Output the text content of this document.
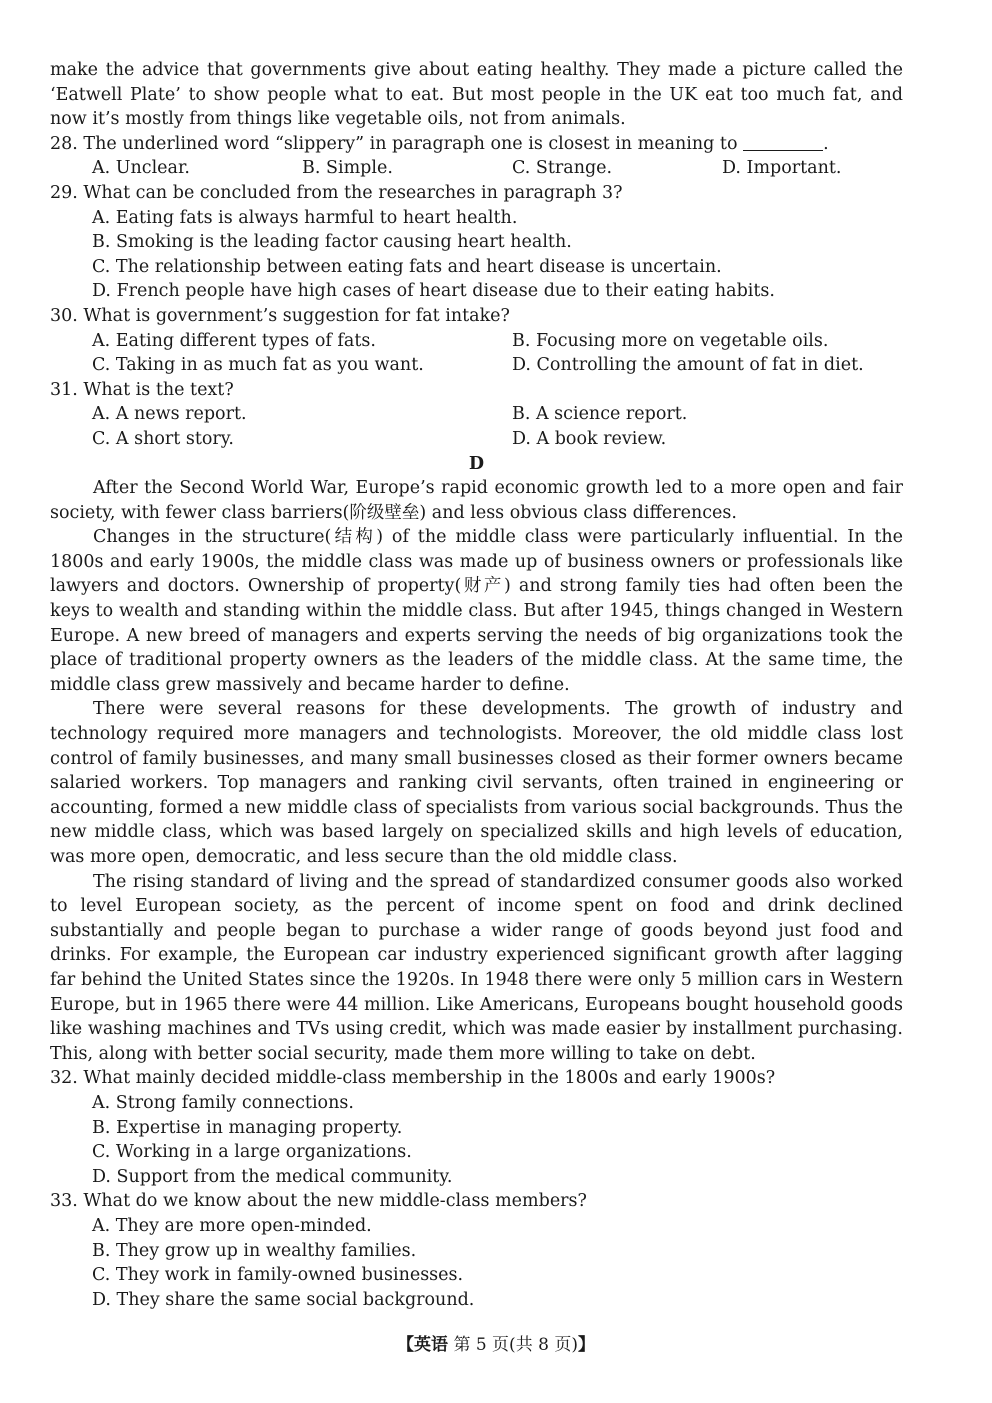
make the advice that governments give about eating healthy. They made a picture called the ‘Eatwell Plate’ to show people what to eat. But most people in the UK eat too much fat, and now it’s mostly from things like vegetable oils, not from animals.

28. The underlined word “slippery” in paragraph one is closest in meaning to	.

A. Unclear.	B. Simple.	C. Strange.	D. Important.

29. What can be concluded from the researches in paragraph 3?

A. Eating fats is always harmful to heart health.

B. Smoking is the leading factor causing heart health.

C. The relationship between eating fats and heart disease is uncertain.

D. French people have high cases of heart disease due to their eating habits.

30. What is government’s suggestion for fat intake?

A. Eating different types of fats.	B. Focusing more on vegetable oils.
C. Taking in as much fat as you want.	D. Controlling the amount of fat in diet.

31. What is the text?

A. A news report.	B. A science report.
C. A short story.	D. A book review.

D

After the Second World War, Europe’s rapid economic growth led to a more open and fair society, with fewer class barriers(阶级壁垒) and less obvious class differences.

Changes in the structure(结构) of the middle class were particularly influential. In the 1800s and early 1900s, the middle class was made up of business owners or professionals like lawyers and doctors. Ownership of property(财产) and strong family ties had often been the keys to wealth and standing within the middle class. But after 1945, things changed in Western Europe. A new breed of managers and experts serving the needs of big organizations took the place of traditional property owners as the leaders of the middle class. At the same time, the middle class grew massively and became harder to define.

There were several reasons for these developments. The growth of industry and technology required more managers and technologists. Moreover, the old middle class lost control of family businesses, and many small businesses closed as their former owners became salaried workers. Top managers and ranking civil servants, often trained in engineering or accounting, formed a new middle class of specialists from various social backgrounds. Thus the new middle class, which was based largely on specialized skills and high levels of education, was more open, democratic, and less secure than the old middle class.

The rising standard of living and the spread of standardized consumer goods also worked to level European society, as the percent of income spent on food and drink declined substantially and people began to purchase a wider range of goods beyond just food and drinks. For example, the European car industry experienced significant growth after lagging far behind the United States since the 1920s. In 1948 there were only 5 million cars in Western Europe, but in 1965 there were 44 million. Like Americans, Europeans bought household goods like washing machines and TVs using credit, which was made easier by installment purchasing. This, along with better social security, made them more willing to take on debt.

32. What mainly decided middle-class membership in the 1800s and early 1900s?

A. Strong family connections.

B. Expertise in managing property.

C. Working in a large organizations.

D. Support from the medical community.

33. What do we know about the new middle-class members?

A. They are more open-minded.

B. They grow up in wealthy families.

C. They work in family-owned businesses.

D. They share the same social background.

【英语 第 5 页(共 8 页)】
